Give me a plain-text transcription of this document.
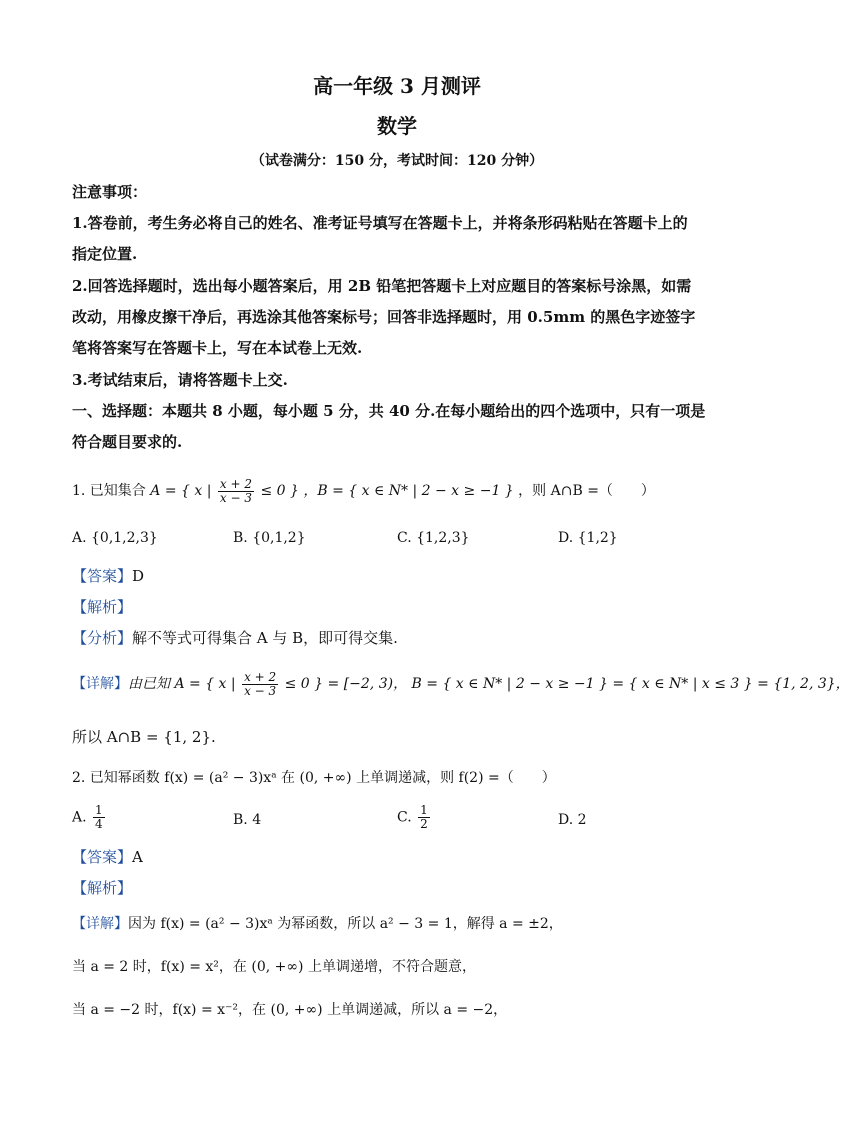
高一年级 3 月测评
数学
（试卷满分：150 分，考试时间：120 分钟）
注意事项：
1.答卷前，考生务必将自己的姓名、准考证号填写在答题卡上，并将条形码粘贴在答题卡上的
指定位置.
2.回答选择题时，选出每小题答案后，用 2B 铅笔把答题卡上对应题目的答案标号涂黑，如需
改动，用橡皮擦干净后，再选涂其他答案标号；回答非选择题时，用 0.5mm 的黑色字迹签字
笔将答案写在答题卡上，写在本试卷上无效.
3.考试结束后，请将答题卡上交.
一、选择题：本题共 8 小题，每小题 5 分，共 40 分.在每小题给出的四个选项中，只有一项是
符合题目要求的.
1. 已知集合 A = { x | $\frac{x + 2}{x - 3} \le 0$ } ，B = { x ∈ N* | 2 − x ≥ −1 } ，则 A∩B =（　　）
A. {0,1,2,3}	B. {0,1,2}	C. {1,2,3}	D. {1,2}
【答案】D
【解析】
【分析】解不等式可得集合 A 与 B，即可得交集.
【详解】由已知 A = { x | $\frac{x + 2}{x - 3} \le 0$ } = [−2, 3)， B = { x ∈ N* | 2 − x ≥ −1 } = { x ∈ N* | x ≤ 3 } = {1, 2, 3}，
所以 A∩B = {1, 2}.
2. 已知幂函数 f(x) = (a² − 3)xᵃ 在 (0, +∞) 上单调递减，则 f(2) =（　　）
A. $\frac{1}{4}$	B. 4	C. $\frac{1}{2}$	D. 2
【答案】A
【解析】
【详解】因为 f(x) = (a² − 3)xᵃ 为幂函数，所以 a² − 3 = 1，解得 a = ±2，
当 a = 2 时，f(x) = x²，在 (0, +∞) 上单调递增，不符合题意，
当 a = −2 时，f(x) = x⁻²，在 (0, +∞) 上单调递减，所以 a = −2，
